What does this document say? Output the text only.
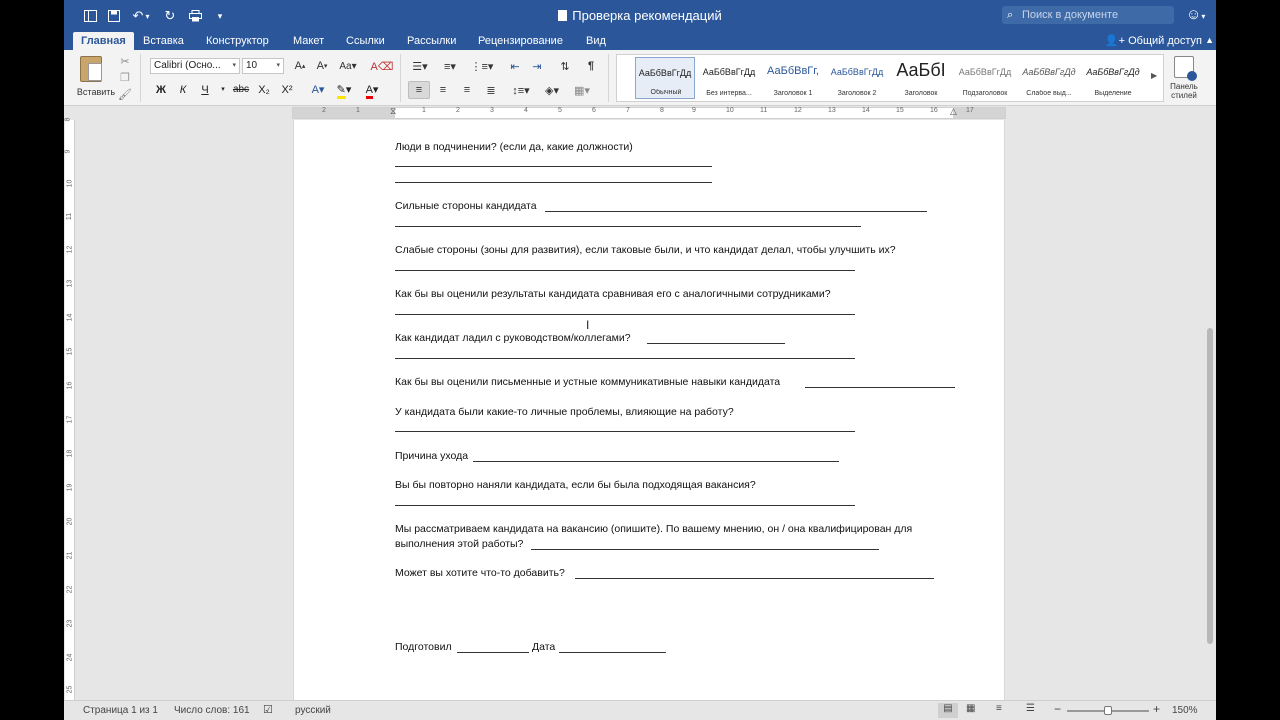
↶ ▾ ↻	▾	Проверка рекомендаций	⌕ Поиск в документе	☺▾
Главная	Вставка	Конструктор	Макет	Ссылки	Рассылки	Рецензирование	Вид	👤+ Общий доступ ▲
Вставить
✂
❐
🖌
Calibri (Осно... ▾	10	▾	A ▴	A ▾	Aa▾	A⌫
Ж	К	Ч	▾ abc X₂	X²	A▾	✎▾	A▾
☰▾	≡▾	⋮≡▾	⇤	⇥	⇅	¶
≡	≡	≡	≣	↕≡▾	◈▾	▦▾
АаБбВвГгДд
Обычный
АаБбВвГгДд
Без интерва...
АаБбВвГг,
Заголовок 1
АаБбВвГгДд
Заголовок 2
АаБбI
Заголовок
АаБбВвГгДд
Подзаголовок
АаБбВвГгДд
Слабое выд...
АаБбВвГгДд
Выделение
▶
Панель
стилей
2	1	⧖	1	2	3	4	5	6	7	8	9	10	11	12	13	14	15	16 △ 17
8
9
10
11
12
13
14
15
16
17
18
19
20
21
22
23
24
25
Люди в подчинении? (если да, какие должности)
Сильные стороны кандидата
Слабые стороны (зоны для развития), если таковые были, и что кандидат делал, чтобы улучшить их?
Как бы вы оценили результаты кандидата сравнивая его с аналогичными сотрудниками?
Как кандидат ладил с руководством/коллегами?
Как бы вы оценили письменные и устные коммуникативные навыки кандидата
У кандидата были какие-то личные проблемы, влияющие на работу?
Причина ухода
Вы бы повторно наняли кандидата, если бы была подходящая вакансия?
Мы рассматриваем кандидата на вакансию (опишите). По вашему мнению, он / она квалифицирован для
выполнения этой работы?
Может вы хотите что-то добавить?
Подготовил	Дата
I
Страница 1 из 1 Число слов: 161 ☑ русский	▤	▦ ≡ ☰ −	+ 150%
